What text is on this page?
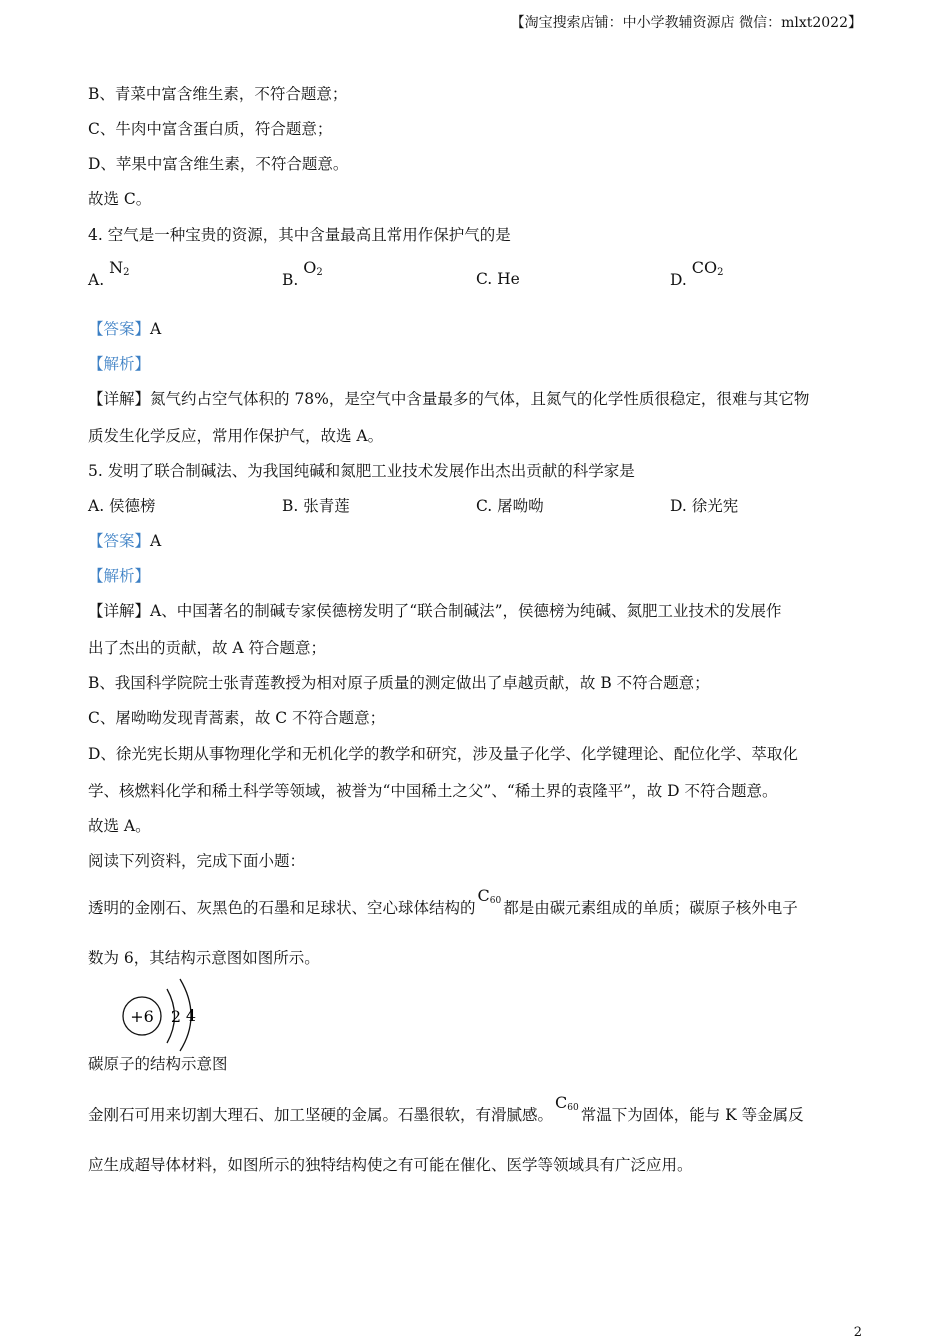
【淘宝搜索店铺：中小学教辅资源店 微信：mlxt2022】
B、青菜中富含维生素，不符合题意；
C、牛肉中富含蛋白质，符合题意；
D、苹果中富含维生素，不符合题意。
故选 C。
4. 空气是一种宝贵的资源，其中含量最高且常用作保护气的是
A. $N_2$	B. $O_2$	C. He	D. $CO_2$
【答案】A
【解析】
【详解】氮气约占空气体积的 78%，是空气中含量最多的气体，且氮气的化学性质很稳定，很难与其它物
质发生化学反应，常用作保护气，故选 A。
5. 发明了联合制碱法、为我国纯碱和氮肥工业技术发展作出杰出贡献的科学家是
A. 侯德榜	B. 张青莲	C. 屠呦呦	D. 徐光宪
【答案】A
【解析】
【详解】A、中国著名的制碱专家侯德榜发明了“联合制碱法”，侯德榜为纯碱、氮肥工业技术的发展作
出了杰出的贡献，故 A 符合题意；
B、我国科学院院士张青莲教授为相对原子质量的测定做出了卓越贡献，故 B 不符合题意；
C、屠呦呦发现青蒿素，故 C 不符合题意；
D、徐光宪长期从事物理化学和无机化学的教学和研究，涉及量子化学、化学键理论、配位化学、萃取化
学、核燃料化学和稀土科学等领域，被誉为“中国稀土之父”、“稀土界的袁隆平”，故 D 不符合题意。
故选 A。
阅读下列资料，完成下面小题：
透明的金刚石、灰黑色的石墨和足球状、空心球体结构的$C_{60}$ 都是由碳元素组成的单质；碳原子核外电子
数为 6，其结构示意图如图所示。
+6 2 4
碳原子的结构示意图
金刚石可用来切割大理石、加工坚硬的金属。石墨很软，有滑腻感。$C_{60}$ 常温下为固体，能与 K 等金属反
应生成超导体材料，如图所示的独特结构使之有可能在催化、医学等领域具有广泛应用。
2
